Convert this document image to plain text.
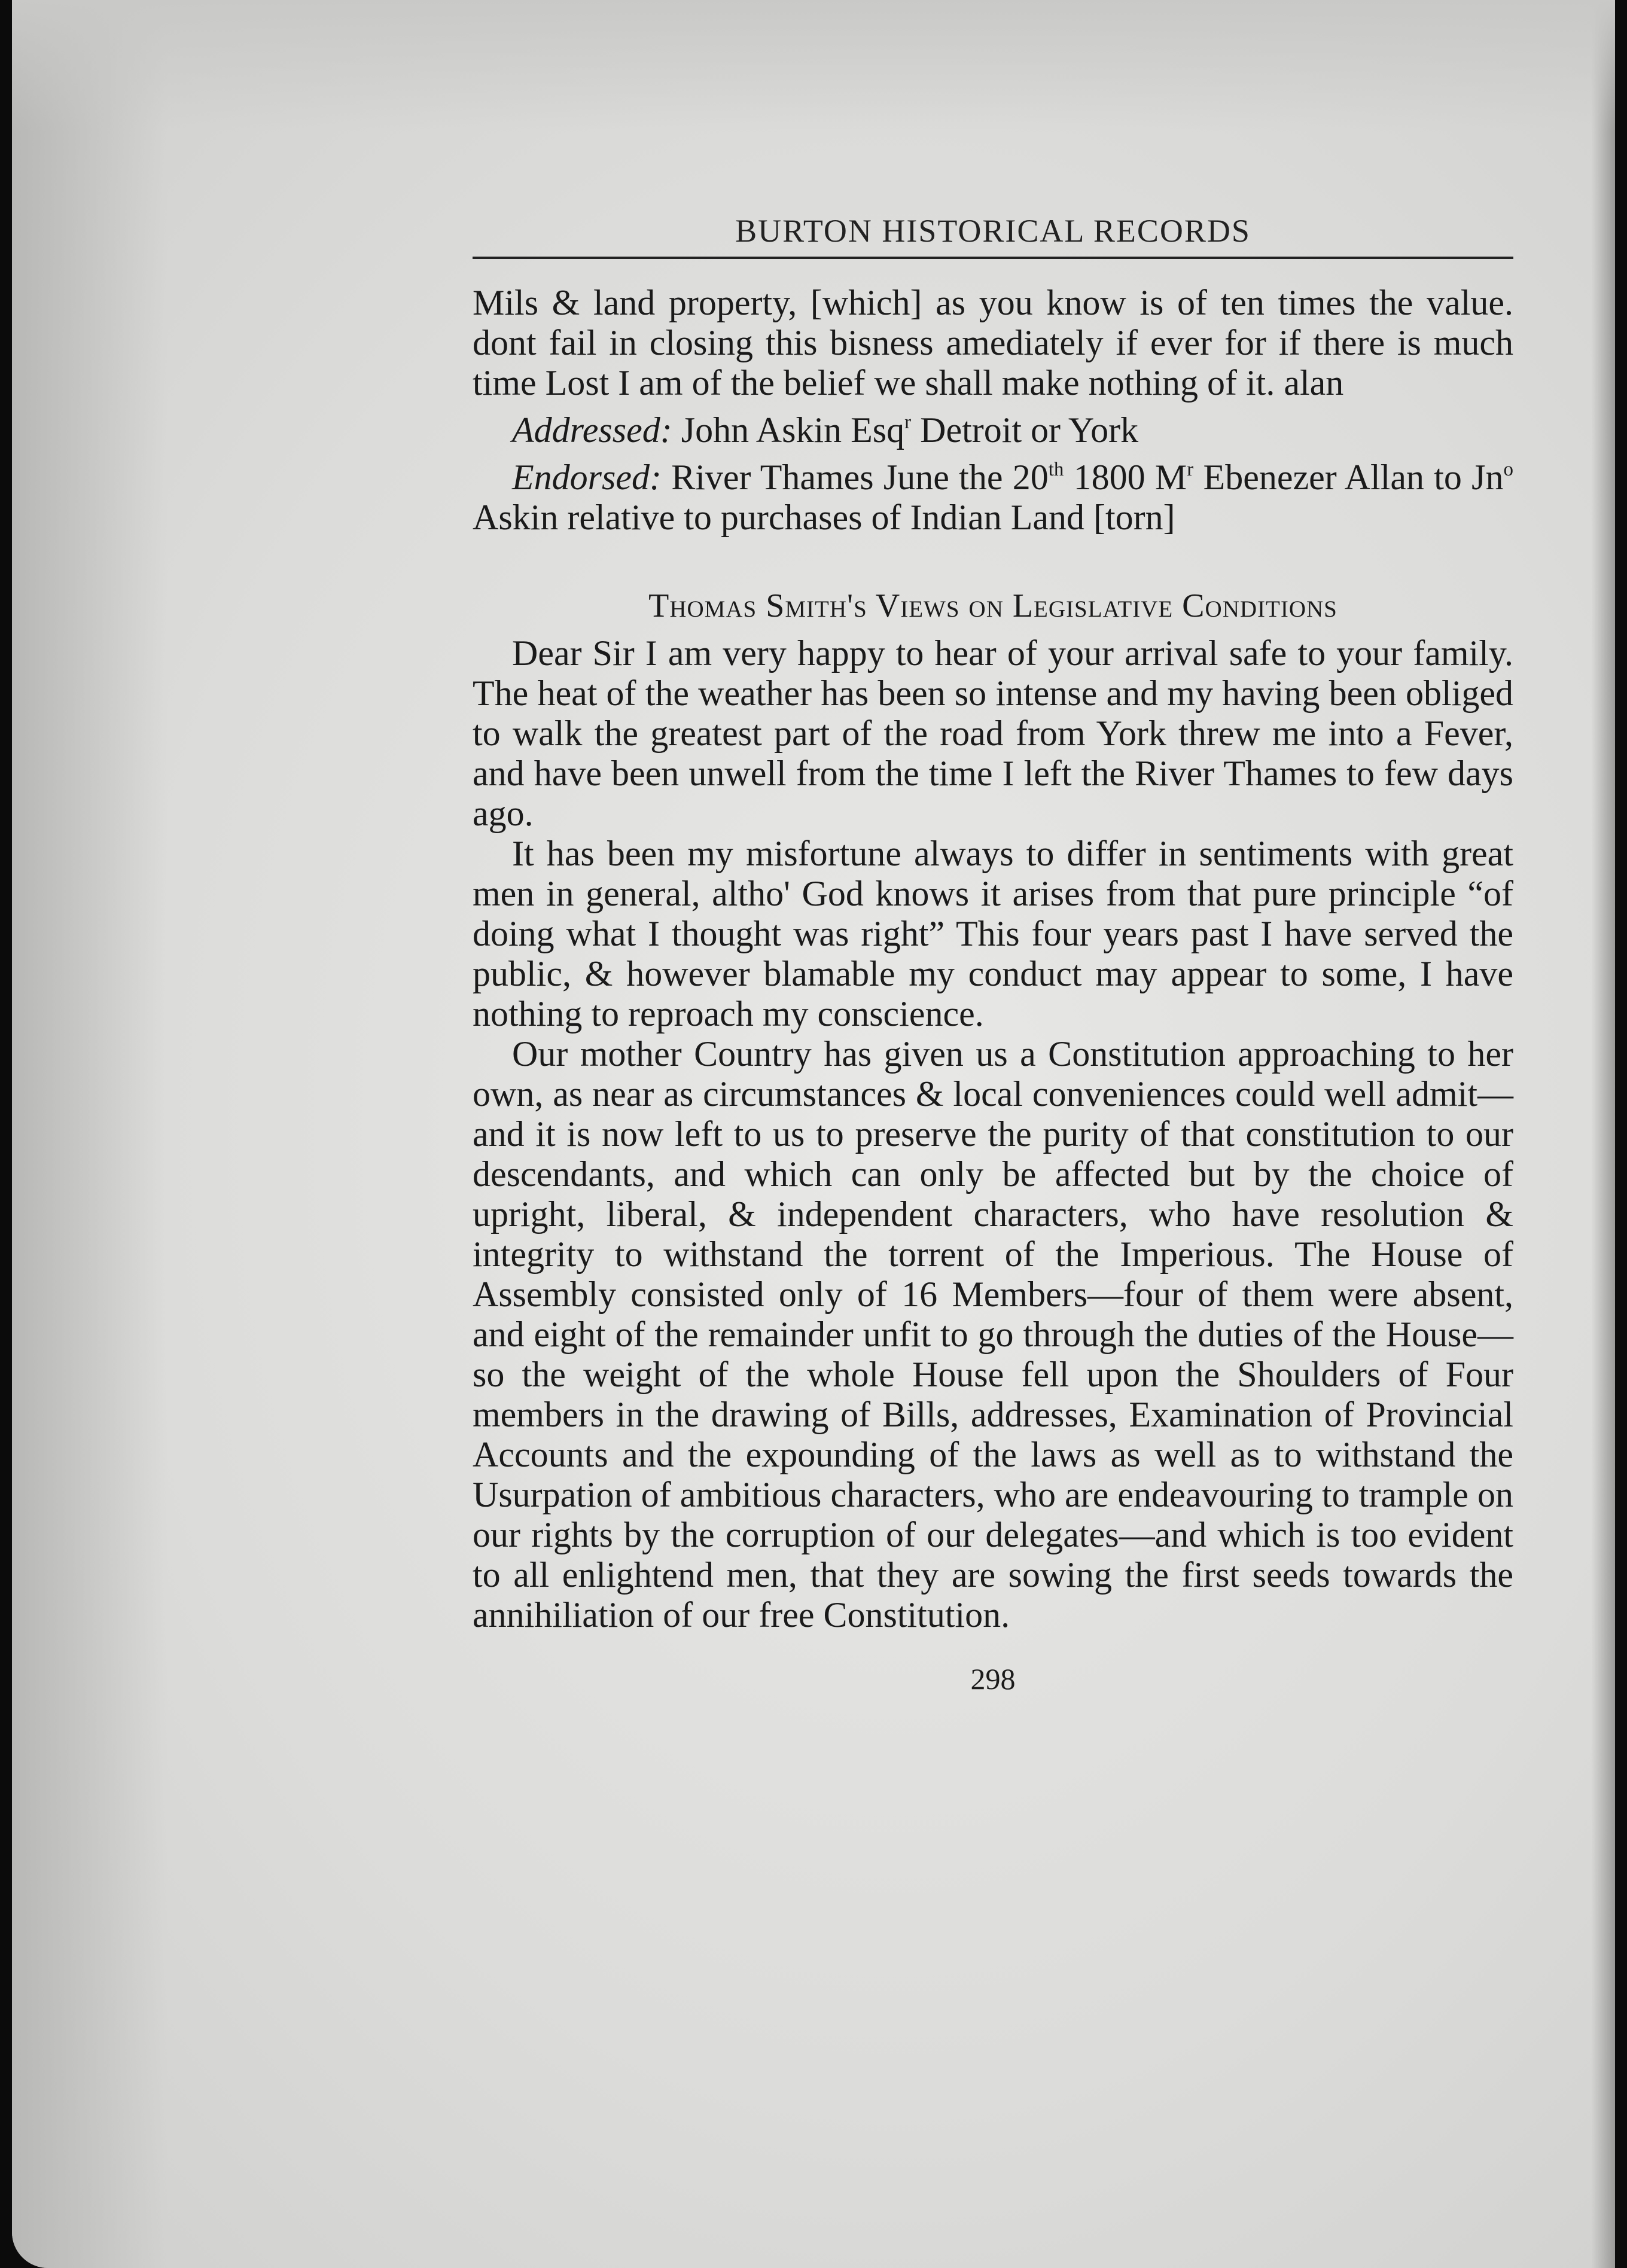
BURTON HISTORICAL RECORDS

Mils & land property, [which] as you know is of ten times the value. dont fail in closing this bisness amediately if ever for if there is much time Lost I am of the belief we shall make nothing of it. alan

Addressed: John Askin Esq$^r$ Detroit or York

Endorsed: River Thames June the 20th 1800 $M^r$ Ebenezer Allan to Jn$^o$ Askin relative to purchases of Indian Land [torn]

Thomas Smith's Views on Legislative Conditions

Dear Sir I am very happy to hear of your arrival safe to your family. The heat of the weather has been so intense and my having been obliged to walk the greatest part of the road from York threw me into a Fever, and have been unwell from the time I left the River Thames to few days ago.

It has been my misfortune always to differ in sentiments with great men in general, altho' God knows it arises from that pure principle “of doing what I thought was right” This four years past I have served the public, & however blamable my conduct may appear to some, I have nothing to reproach my conscience.

Our mother Country has given us a Constitution approaching to her own, as near as circumstances & local conveniences could well admit—and it is now left to us to preserve the purity of that constitution to our descendants, and which can only be affected but by the choice of upright, liberal, & independent characters, who have resolution & integrity to withstand the torrent of the Imperious. The House of Assembly consisted only of 16 Members—four of them were absent, and eight of the remainder unfit to go through the duties of the House—so the weight of the whole House fell upon the Shoulders of Four members in the drawing of Bills, addresses, Examination of Provincial Accounts and the expounding of the laws as well as to withstand the Usurpation of ambitious characters, who are endeavouring to trample on our rights by the corruption of our delegates—and which is too evident to all enlightend men, that they are sowing the first seeds towards the annihiliation of our free Constitution.

298
